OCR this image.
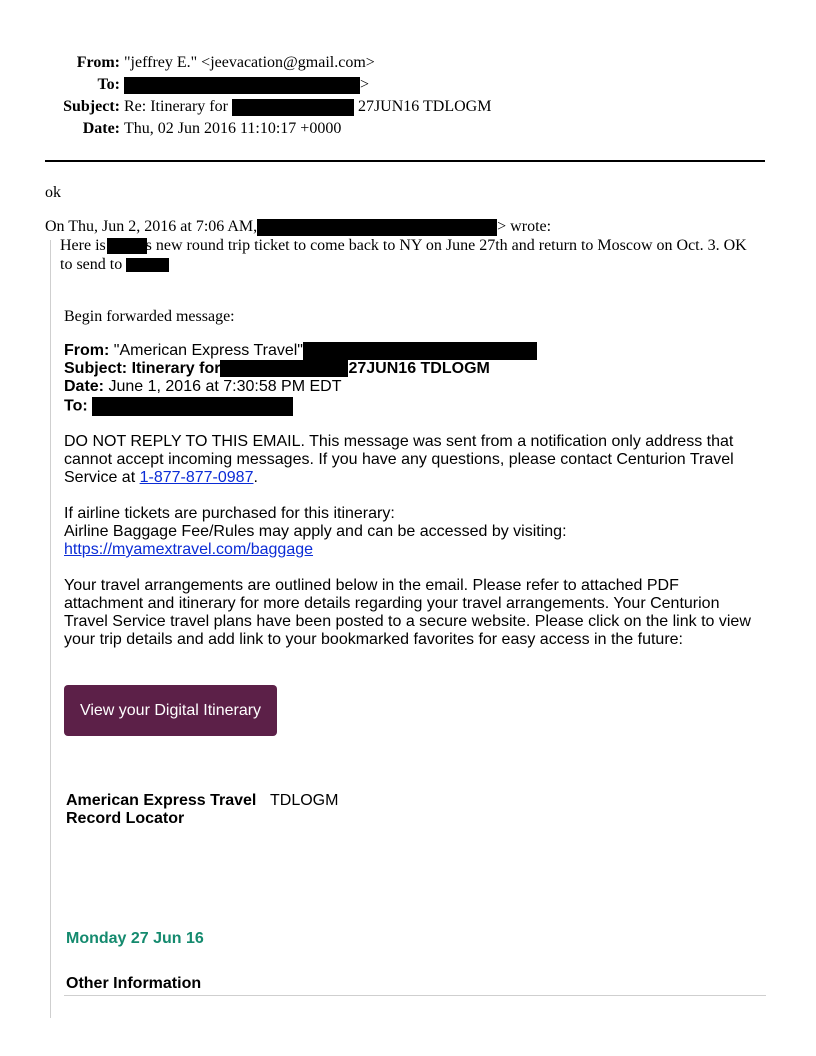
From: "jeffrey E." <jeevacation@gmail.com>
To:	>
Subject: Re: Itinerary for	27JUN16 TDLOGM
Date: Thu, 02 Jun 2016 11:10:17 +0000
ok
On Thu, Jun 2, 2016 at 7:06 AM,	> wrote:
Here is 's new round trip ticket to come back to NY on June 27th and return to Moscow on Oct. 3. OK
to send to
Begin forwarded message:
From: "American Express Travel"
Subject: Itinerary for	27JUN16 TDLOGM
Date: June 1, 2016 at 7:30:58 PM EDT
To:
DO NOT REPLY TO THIS EMAIL. This message was sent from a notification only address that
cannot accept incoming messages. If you have any questions, please contact Centurion Travel
Service at 1-877-877-0987.
If airline tickets are purchased for this itinerary:
Airline Baggage Fee/Rules may apply and can be accessed by visiting:
https://myamextravel.com/baggage
Your travel arrangements are outlined below in the email. Please refer to attached PDF
attachment and itinerary for more details regarding your travel arrangements. Your Centurion
Travel Service travel plans have been posted to a secure website. Please click on the link to view
your trip details and add link to your bookmarked favorites for easy access in the future:
View your Digital Itinerary
American Express Travel TDLOGM
Record Locator
Monday 27 Jun 16
Other Information
